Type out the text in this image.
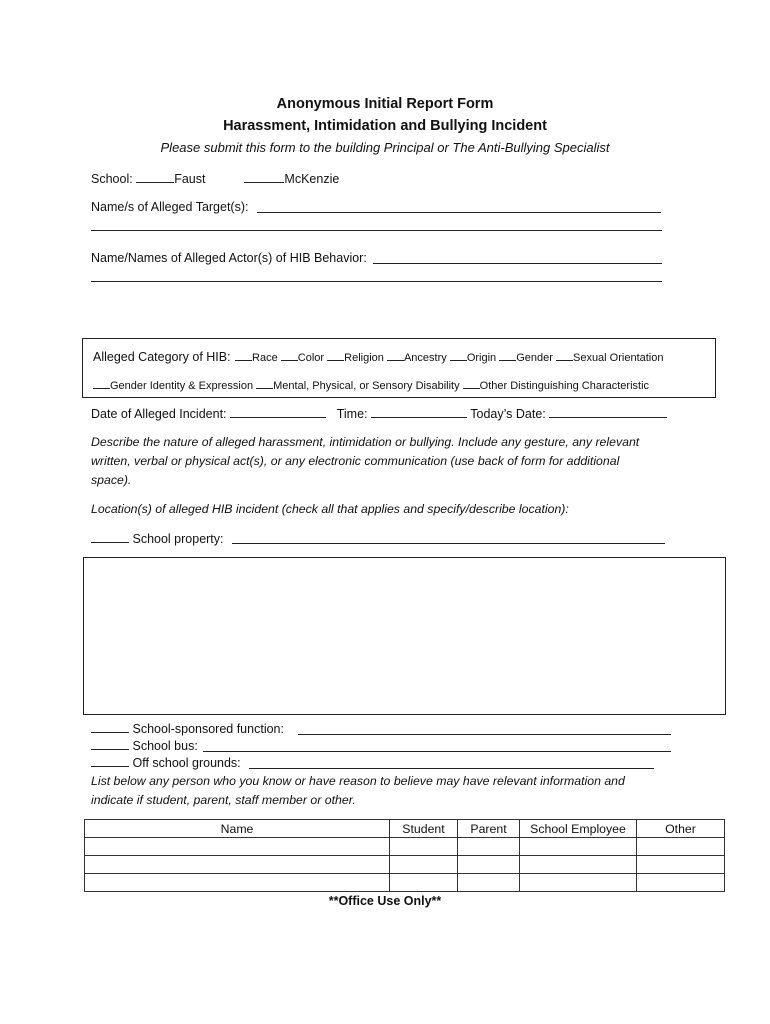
Anonymous Initial Report Form
Harassment, Intimidation and Bullying Incident
Please submit this form to the building Principal or The Anti-Bullying Specialist
School:	Faust	McKenzie
Name/s of Alleged Target(s):
Name/Names of Alleged Actor(s) of HIB Behavior:
Alleged Category of HIB: Race Color Religion Ancestry Origin Gender Sexual Orientation
Gender Identity & Expression Mental, Physical, or Sensory Disability Other Distinguishing Characteristic
Date of Alleged Incident:	Time:	Today’s Date:
Describe the nature of alleged harassment, intimidation or bullying. Include any gesture, any relevant
written, verbal or physical act(s), or any electronic communication (use back of form for additional
space).
Location(s) of alleged HIB incident (check all that applies and specify/describe location):
School property:
School-sponsored function:
School bus:
Off school grounds:
List below any person who you know or have reason to believe may have relevant information and
indicate if student, parent, staff member or other.
Name	Student	Parent	School Employee	Other

**Office Use Only**
